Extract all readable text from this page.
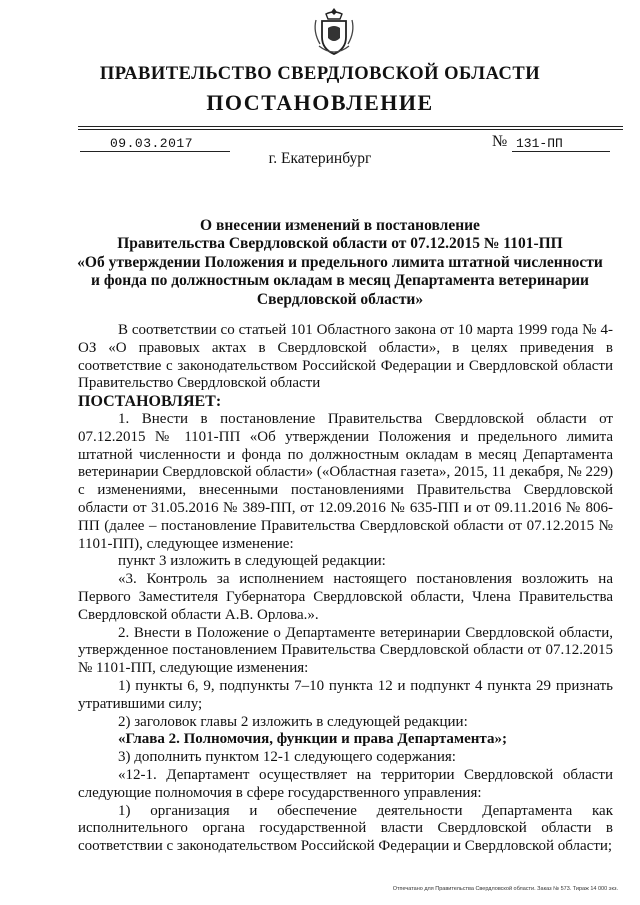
ПРАВИТЕЛЬСТВО СВЕРДЛОВСКОЙ ОБЛАСТИ
ПОСТАНОВЛЕНИЕ
09.03.2017	№ 131-ПП
г. Екатеринбург
О внесении изменений в постановление
Правительства Свердловской области от 07.12.2015 № 1101-ПП
«Об утверждении Положения и предельного лимита штатной численности
и фонда по должностным окладам в месяц Департамента ветеринарии
Свердловской области»

В соответствии со статьей 101 Областного закона от 10 марта 1999 года № 4-ОЗ «О правовых актах в Свердловской области», в целях приведения в соответствие с законодательством Российской Федерации и Свердловской области Правительство Свердловской области

ПОСТАНОВЛЯЕТ:

1. Внести в постановление Правительства Свердловской области от 07.12.2015 № 1101-ПП «Об утверждении Положения и предельного лимита штатной численности и фонда по должностным окладам в месяц Департамента ветеринарии Свердловской области» («Областная газета», 2015, 11 декабря, № 229) с изменениями, внесенными постановлениями Правительства Свердловской области от 31.05.2016 № 389-ПП, от 12.09.2016 № 635-ПП и от 09.11.2016 № 806-ПП (далее – постановление Правительства Свердловской области от 07.12.2015 № 1101-ПП), следующее изменение:

пункт 3 изложить в следующей редакции:

«3. Контроль за исполнением настоящего постановления возложить на Первого Заместителя Губернатора Свердловской области, Члена Правительства Свердловской области А.В. Орлова.».

2. Внести в Положение о Департаменте ветеринарии Свердловской области, утвержденное постановлением Правительства Свердловской области от 07.12.2015 № 1101-ПП, следующие изменения:

1) пункты 6, 9, подпункты 7–10 пункта 12 и подпункт 4 пункта 29 признать утратившими силу;

2) заголовок главы 2 изложить в следующей редакции:

«Глава 2. Полномочия, функции и права Департамента»;

3) дополнить пунктом 12-1 следующего содержания:

«12-1. Департамент осуществляет на территории Свердловской области следующие полномочия в сфере государственного управления:

1) организация и обеспечение деятельности Департамента как исполнительного органа государственной власти Свердловской области в соответствии с законодательством Российской Федерации и Свердловской области;

Отпечатано для Правительства Свердловской области. Заказ № 573. Тираж 14 000 экз.
